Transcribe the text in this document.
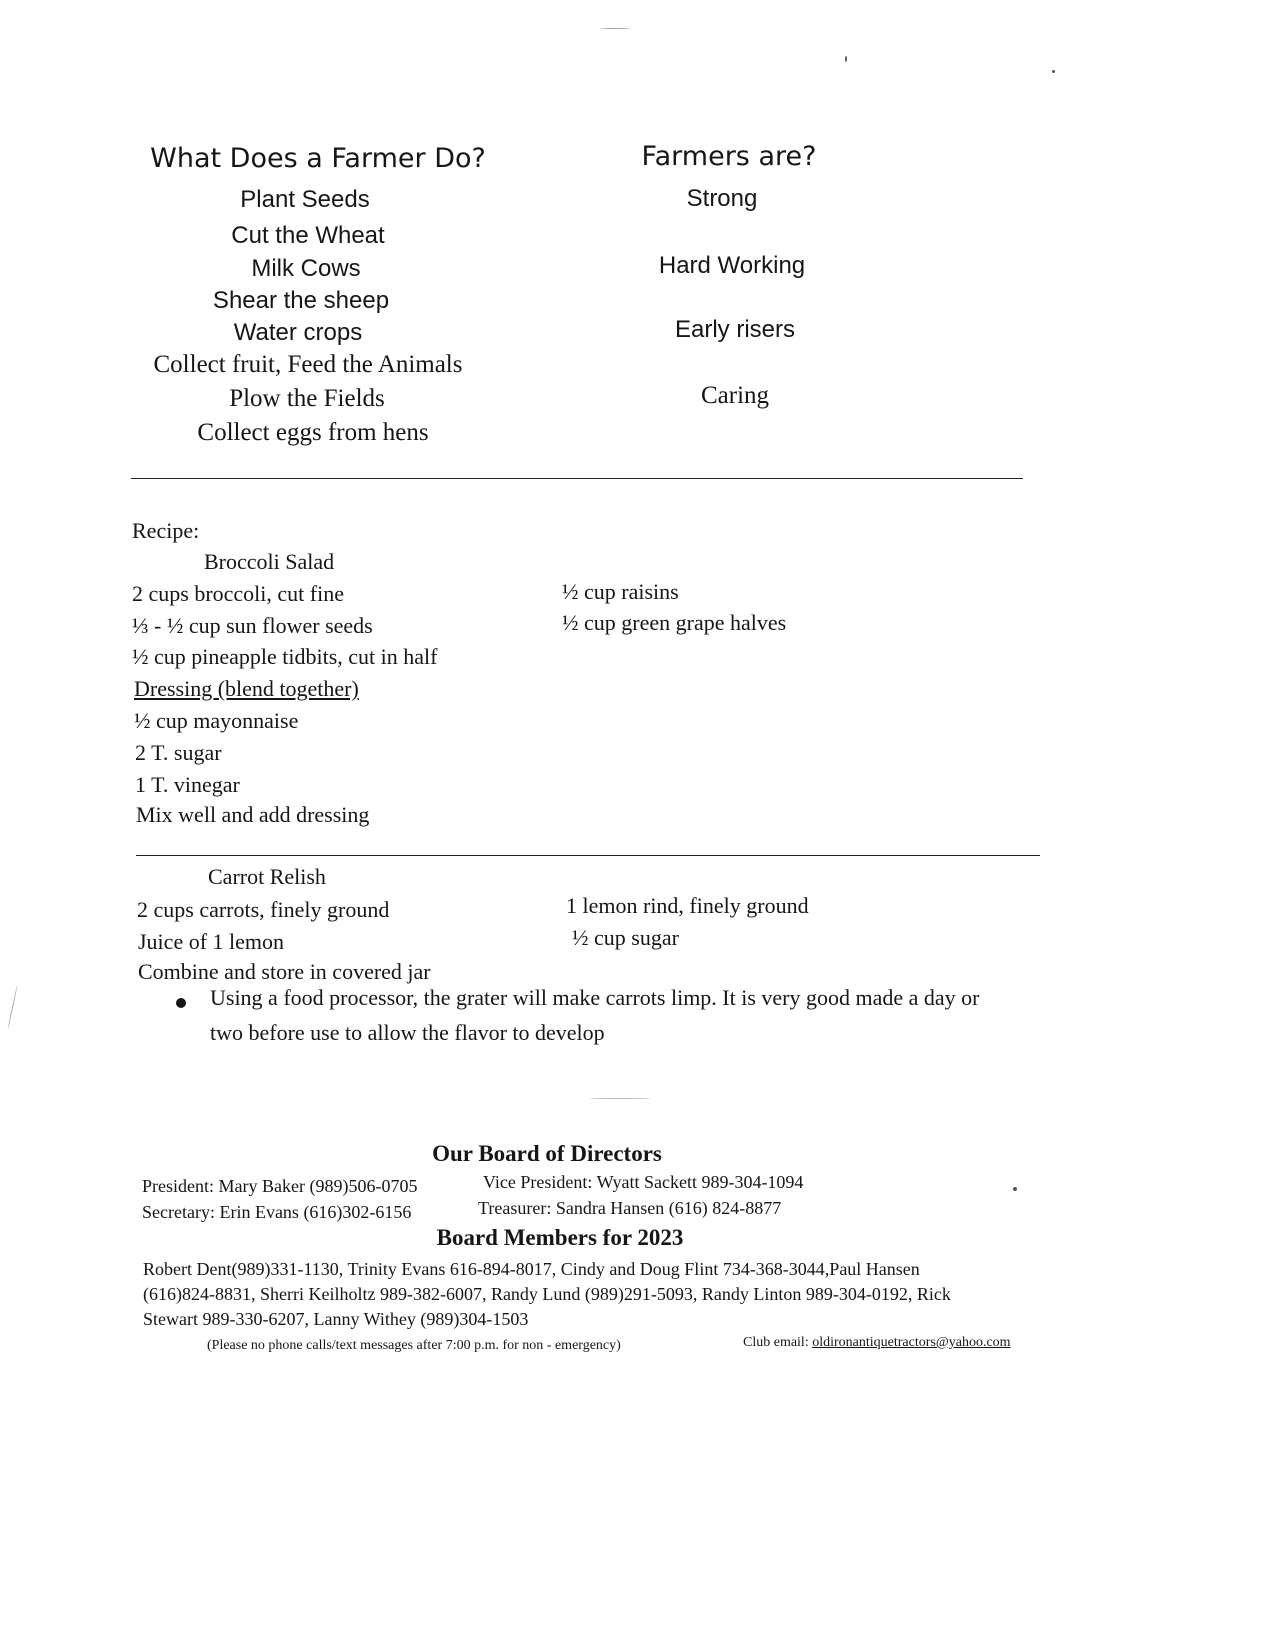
What Does a Farmer Do?
Plant Seeds
Cut the Wheat
Milk Cows
Shear the sheep
Water crops
Collect fruit, Feed the Animals
Plow the Fields
Collect eggs from hens
Farmers are?
Strong
Hard Working
Early risers
Caring
Recipe:
Broccoli Salad
2 cups broccoli, cut fine
⅓ - ½ cup sun flower seeds
½ cup pineapple tidbits, cut in half
½ cup raisins
½ cup green grape halves
Dressing (blend together)
½ cup mayonnaise
2 T. sugar
1 T. vinegar
Mix well and add dressing
Carrot Relish
2 cups carrots, finely ground
Juice of 1 lemon
Combine and store in covered jar
1 lemon rind, finely ground
½ cup sugar
Using a food processor, the grater will make carrots limp. It is very good made a day or
two before use to allow the flavor to develop
Our Board of Directors
President: Mary Baker (989)506-0705	Vice President: Wyatt Sackett 989-304-1094
Secretary: Erin Evans (616)302-6156	Treasurer: Sandra Hansen (616) 824-8877
Board Members for 2023
Robert Dent(989)331-1130, Trinity Evans 616-894-8017, Cindy and Doug Flint 734-368-3044,Paul Hansen
(616)824-8831, Sherri Keilholtz 989-382-6007, Randy Lund (989)291-5093, Randy Linton 989-304-0192, Rick
Stewart 989-330-6207, Lanny Withey (989)304-1503
(Please no phone calls/text messages after 7:00 p.m. for non - emergency)	Club email: oldironantiquetractors@yahoo.com
